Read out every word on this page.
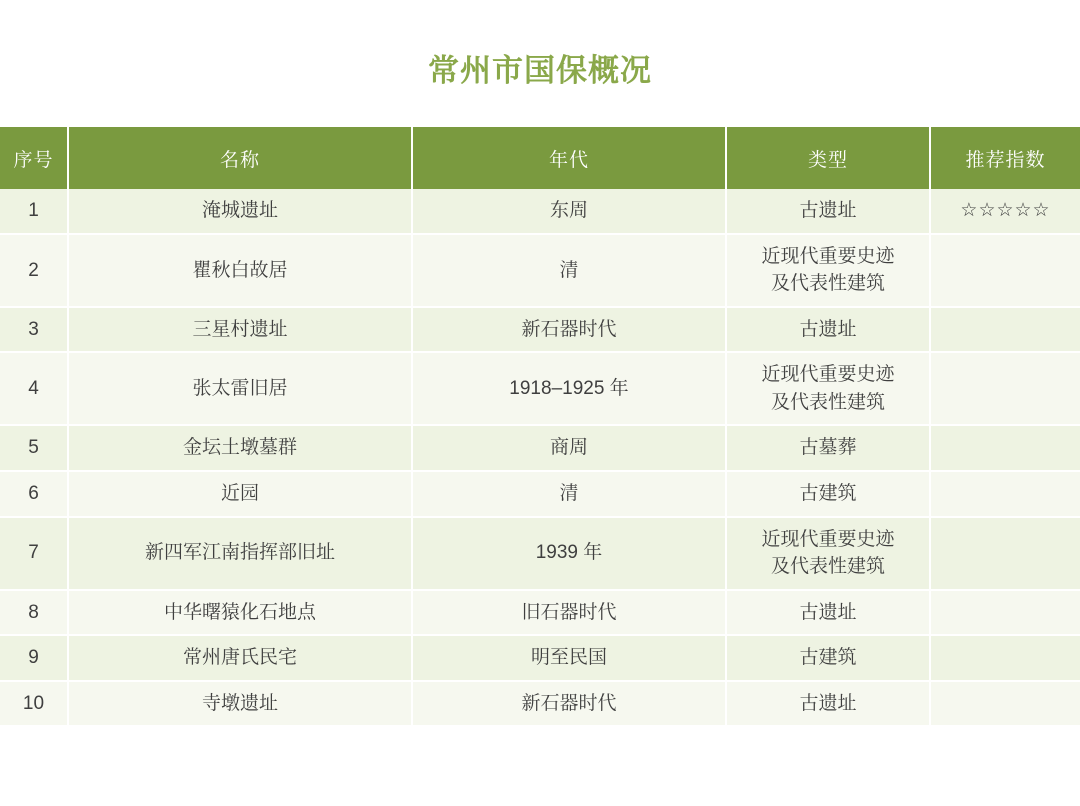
常州市国保概况
序号	名称	年代	类型	推荐指数
1	淹城遗址	东周	古遗址	☆☆☆☆☆
2	瞿秋白故居	清	近现代重要史迹
及代表性建筑	
3	三星村遗址	新石器时代	古遗址	
4	张太雷旧居	1918–1925 年	近现代重要史迹
及代表性建筑	
5	金坛土墩墓群	商周	古墓葬	
6	近园	清	古建筑	
7	新四军江南指挥部旧址	1939 年	近现代重要史迹
及代表性建筑	
8	中华曙猿化石地点	旧石器时代	古遗址	
9	常州唐氏民宅	明至民国	古建筑	
10	寺墩遗址	新石器时代	古遗址	
